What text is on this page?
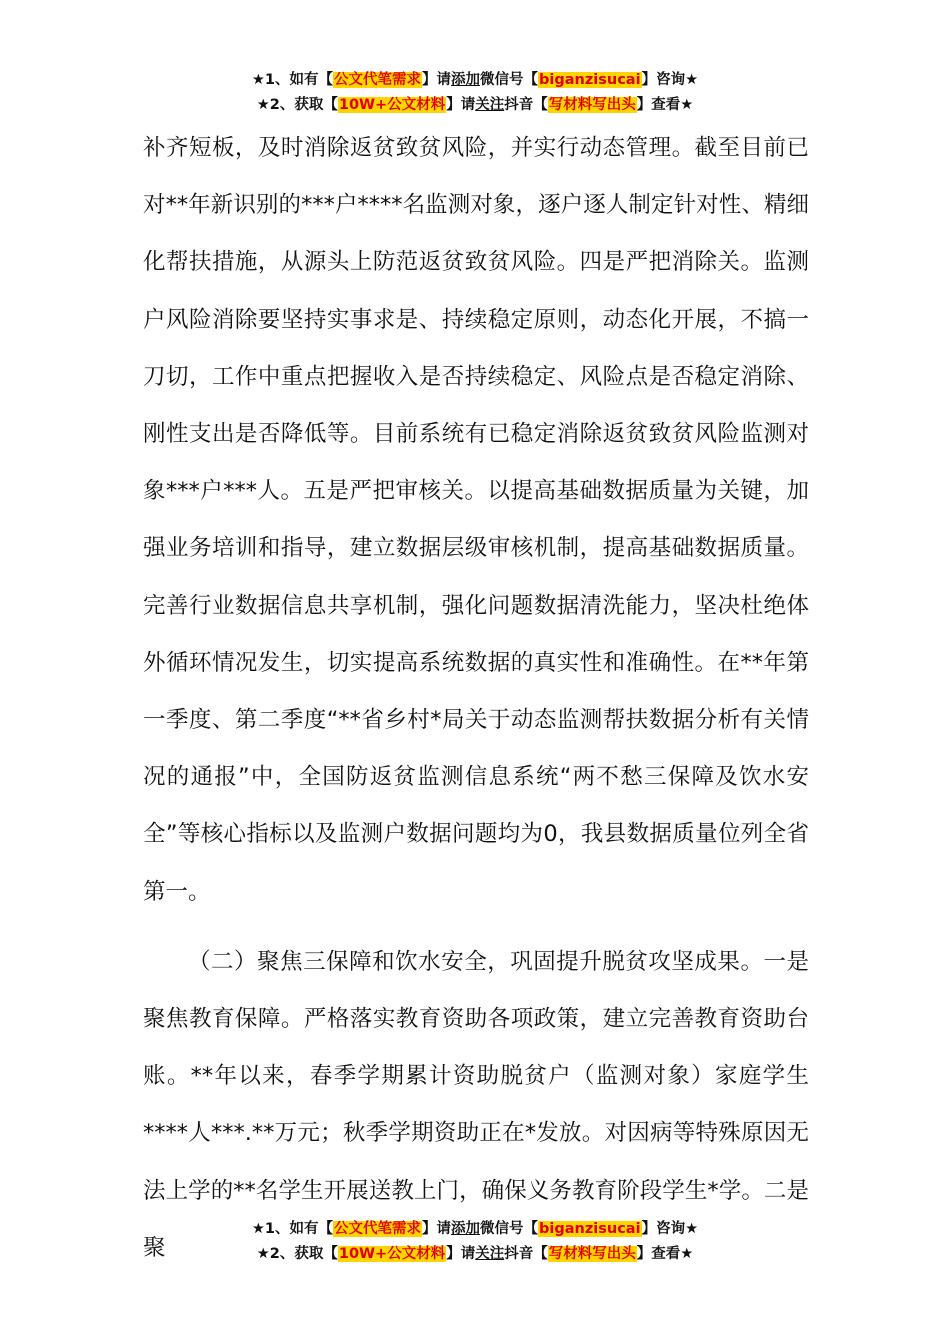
★1、如有【公文代笔需求】请添加微信号【biganzisucai】咨询★
★2、获取【10W+公文材料】请关注抖音【写材料写出头】查看★

补齐短板，及时消除返贫致贫风险，并实行动态管理。截至目前已对**年新识别的***户****名监测对象，逐户逐人制定针对性、精细化帮扶措施，从源头上防范返贫致贫风险。四是严把消除关。监测户风险消除要坚持实事求是、持续稳定原则，动态化开展，不搞一刀切，工作中重点把握收入是否持续稳定、风险点是否稳定消除、刚性支出是否降低等。目前系统有已稳定消除返贫致贫风险监测对象***户***人。五是严把审核关。以提高基础数据质量为关键，加强业务培训和指导，建立数据层级审核机制，提高基础数据质量。完善行业数据信息共享机制，强化问题数据清洗能力，坚决杜绝体外循环情况发生，切实提高系统数据的真实性和准确性。在**年第一季度、第二季度“**省乡村*局关于动态监测帮扶数据分析有关情况的通报”中，全国防返贫监测信息系统“两不愁三保障及饮水安全”等核心指标以及监测户数据问题均为0，我县数据质量位列全省第一。

（二）聚焦三保障和饮水安全，巩固提升脱贫攻坚成果。一是聚焦教育保障。严格落实教育资助各项政策，建立完善教育资助台账。**年以来，春季学期累计资助脱贫户（监测对象）家庭学生****人***.**万元；秋季学期资助正在*发放。对因病等特殊原因无法上学的**名学生开展送教上门，确保义务教育阶段学生*学。二是聚

★1、如有【公文代笔需求】请添加微信号【biganzisucai】咨询★
★2、获取【10W+公文材料】请关注抖音【写材料写出头】查看★
